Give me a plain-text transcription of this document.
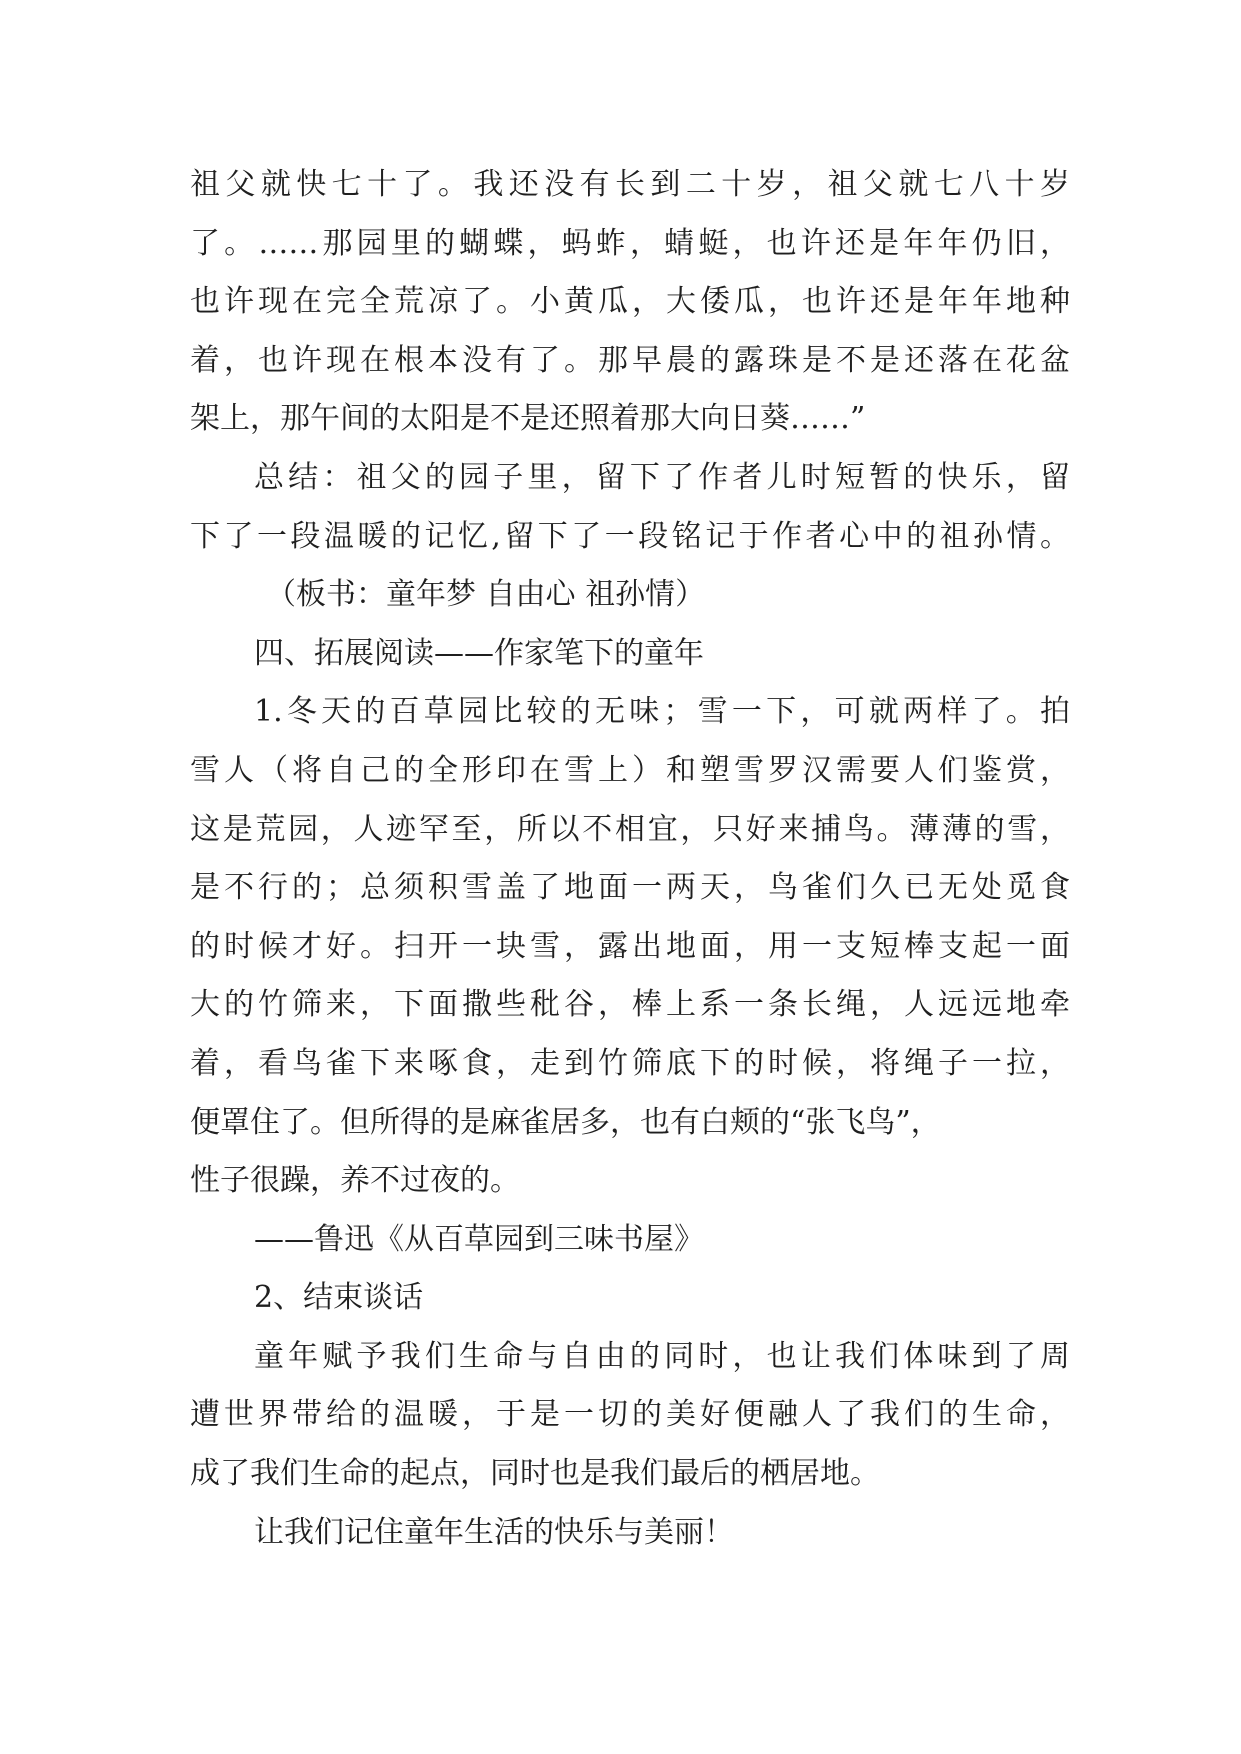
祖父就快七十了。我还没有长到二十岁，祖父就七八十岁
了。……那园里的蝴蝶，蚂蚱，蜻蜓，也许还是年年仍旧，
也许现在完全荒凉了。小黄瓜，大倭瓜，也许还是年年地种
着，也许现在根本没有了。那早晨的露珠是不是还落在花盆
架上，那午间的太阳是不是还照着那大向日葵……”
总结：祖父的园子里，留下了作者儿时短暂的快乐，留
下了一段温暖的记忆,留下了一段铭记于作者心中的祖孙情。
（板书：童年梦 自由心 祖孙情）
四、拓展阅读——作家笔下的童年
1.冬天的百草园比较的无味；雪一下，可就两样了。拍
雪人（将自己的全形印在雪上）和塑雪罗汉需要人们鉴赏，
这是荒园，人迹罕至，所以不相宜，只好来捕鸟。薄薄的雪，
是不行的；总须积雪盖了地面一两天，鸟雀们久已无处觅食
的时候才好。扫开一块雪，露出地面，用一支短棒支起一面
大的竹筛来，下面撒些秕谷，棒上系一条长绳，人远远地牵
着，看鸟雀下来啄食，走到竹筛底下的时候，将绳子一拉，
便罩住了。但所得的是麻雀居多，也有白颊的“张飞鸟”，
性子很躁，养不过夜的。
——鲁迅《从百草园到三味书屋》
2、结束谈话
童年赋予我们生命与自由的同时，也让我们体味到了周
遭世界带给的温暖，于是一切的美好便融人了我们的生命，
成了我们生命的起点，同时也是我们最后的栖居地。
让我们记住童年生活的快乐与美丽！
